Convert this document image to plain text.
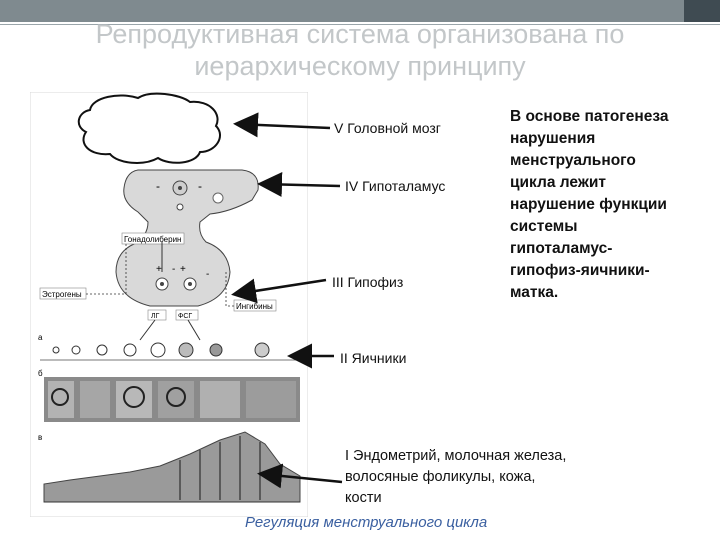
Репродуктивная система организована по
иерархическому принципу
-	-
+ - + -
Гонадолиберин
Эстрогены
Ингибины
ЛГ	ФСГ
а
б
в
V Головной мозг
IV Гипоталамус
III Гипофиз
II Яичники
В основе патогенеза
нарушения
менструального
цикла лежит
нарушение функции
системы
гипоталамус-
гипофиз-яичники-
матка.
I Эндометрий, молочная железа,
волосяные фоликулы, кожа,
кости
Регуляция менструального цикла
